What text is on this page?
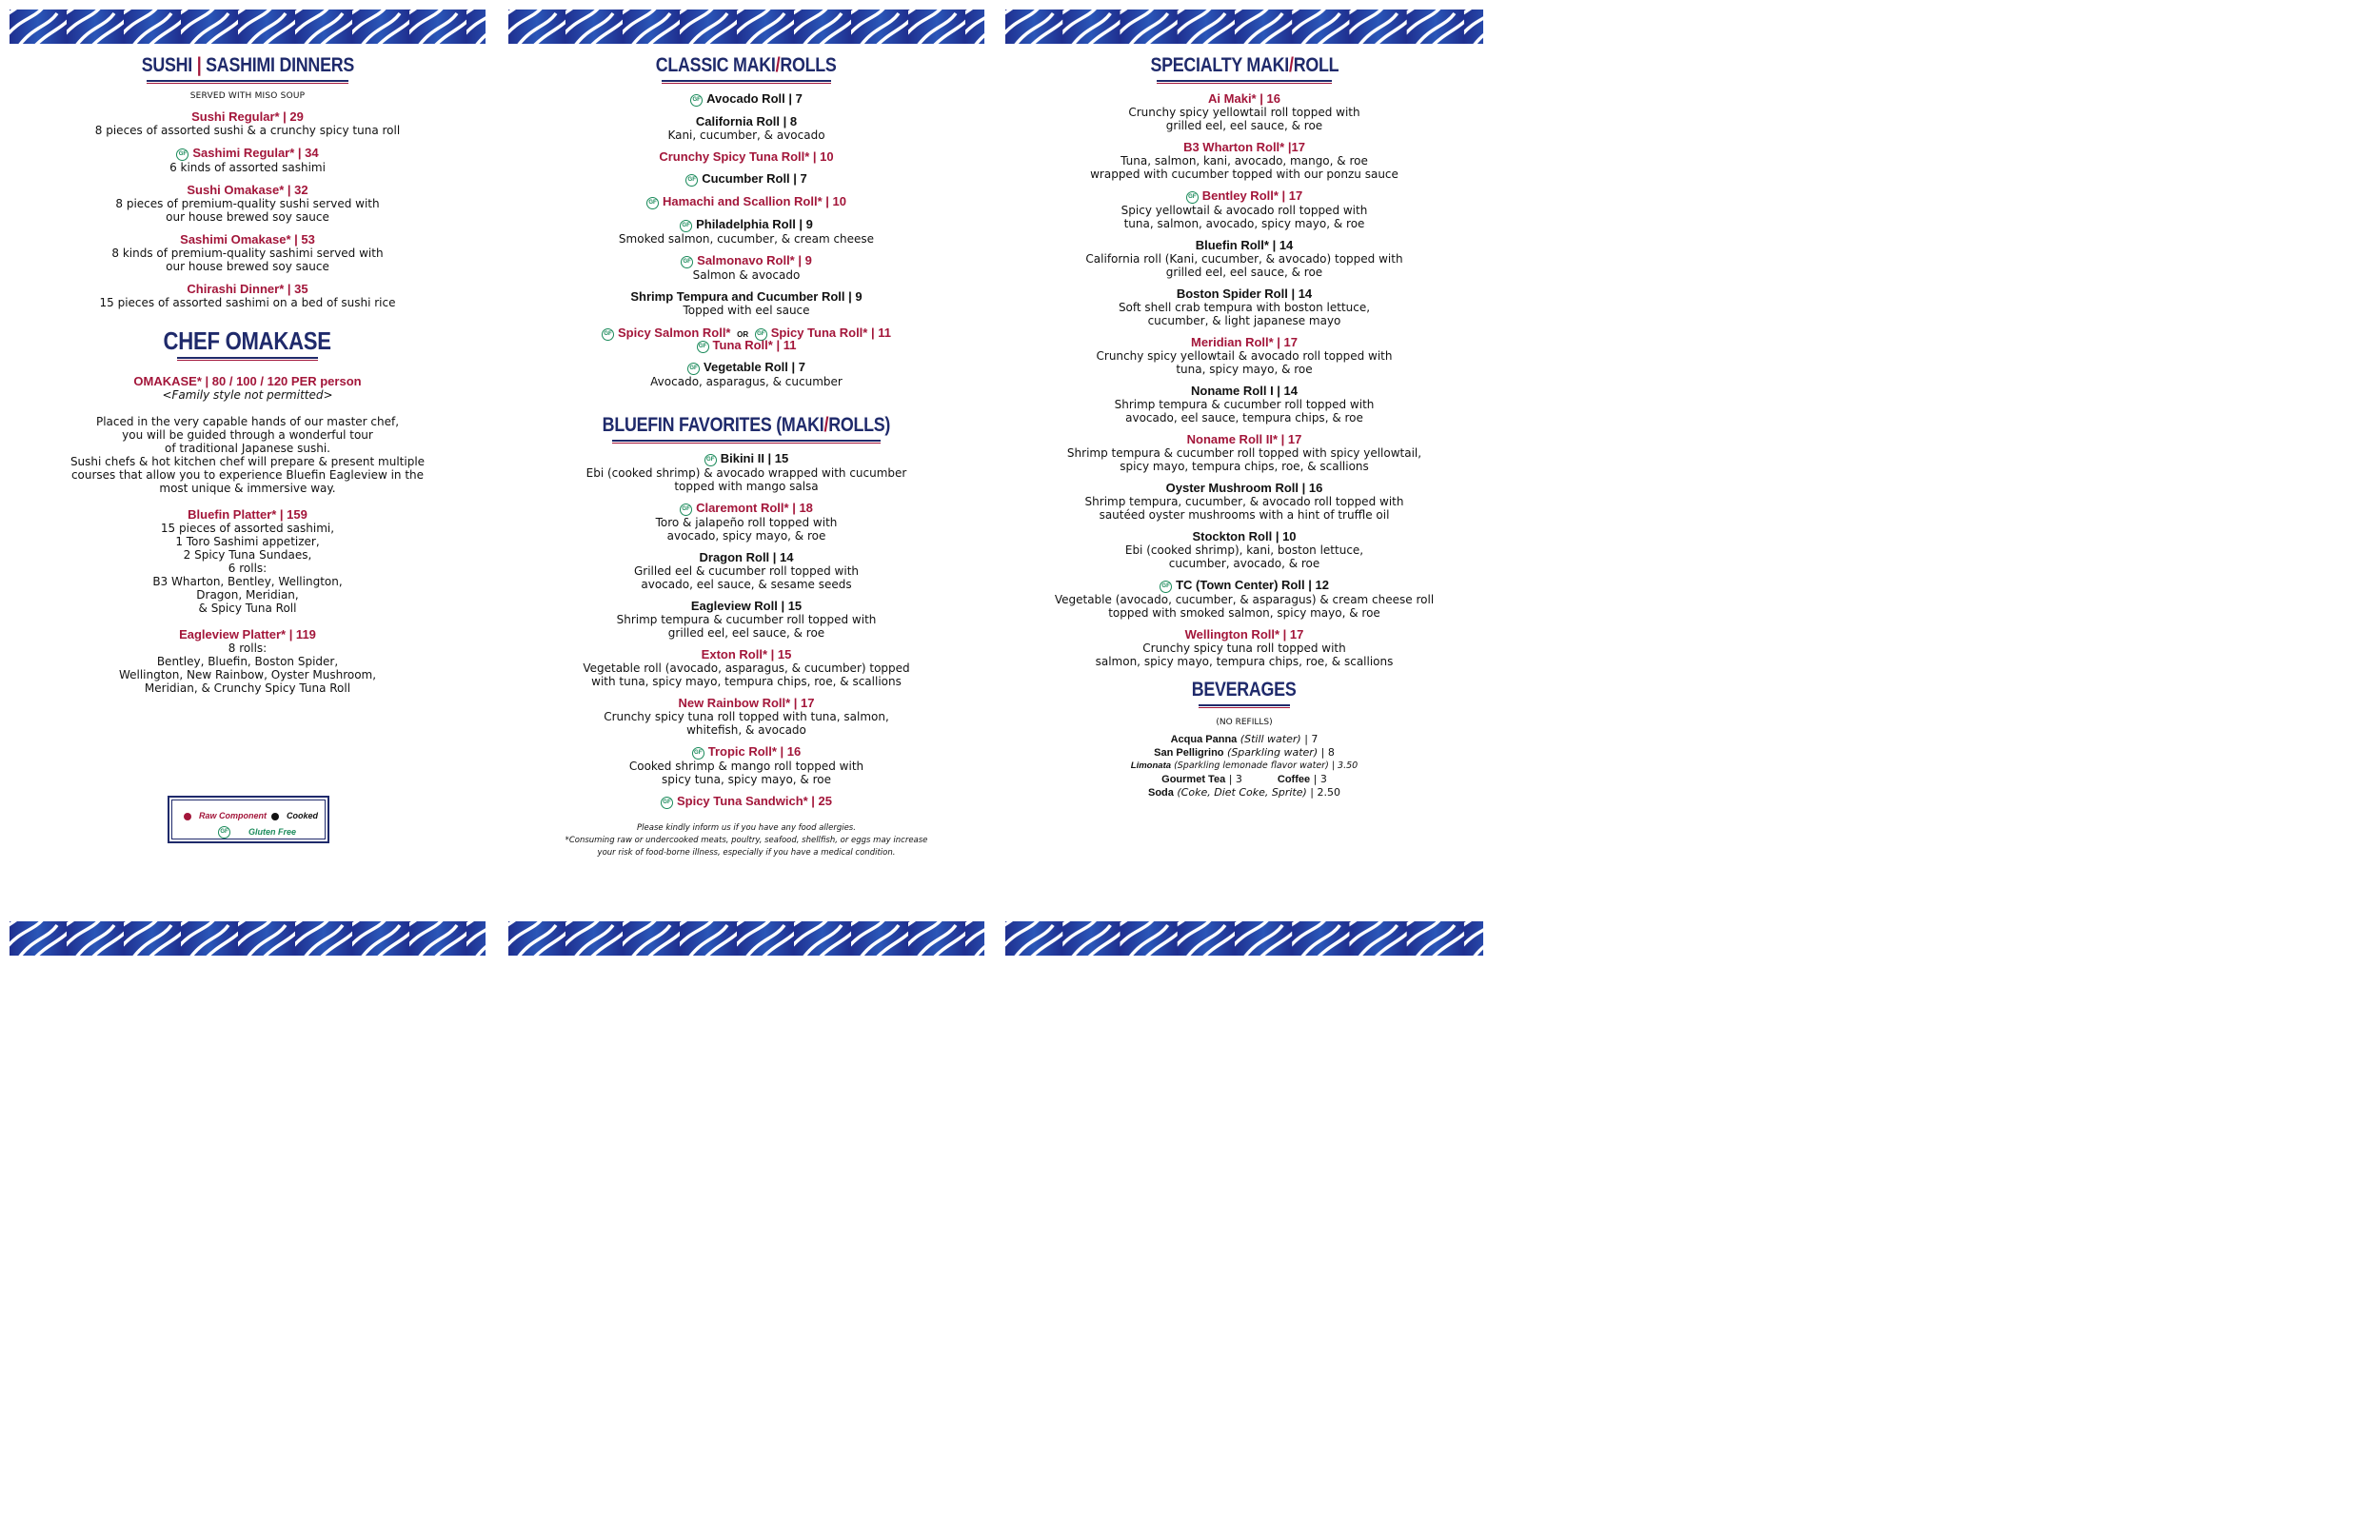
SUSHI | SASHIMI DINNERS
SERVED WITH MISO SOUP
Sushi Regular* | 29
8 pieces of assorted sushi & a crunchy spicy tuna roll
GF Sashimi Regular* | 34
6 kinds of assorted sashimi
Sushi Omakase* | 32
8 pieces of premium-quality sushi served with
our house brewed soy sauce
Sashimi Omakase* | 53
8 kinds of premium-quality sashimi served with
our house brewed soy sauce
Chirashi Dinner* | 35
15 pieces of assorted sashimi on a bed of sushi rice
CHEF OMAKASE
OMAKASE* | 80 / 100 / 120 PER person
<Family style not permitted>
Placed in the very capable hands of our master chef,
you will be guided through a wonderful tour
of traditional Japanese sushi.
Sushi chefs & hot kitchen chef will prepare & present multiple
courses that allow you to experience Bluefin Eagleview in the
most unique & immersive way.
Bluefin Platter* | 159
15 pieces of assorted sashimi,
1 Toro Sashimi appetizer,
2 Spicy Tuna Sundaes,
6 rolls:
B3 Wharton, Bentley, Wellington,
Dragon, Meridian,
& Spicy Tuna Roll
Eagleview Platter* | 119
8 rolls:
Bentley, Bluefin, Boston Spider,
Wellington, New Rainbow, Oyster Mushroom,
Meridian, & Crunchy Spicy Tuna Roll
Raw Component Cooked
GF Gluten Free
CLASSIC MAKI/ROLLS
GF Avocado Roll | 7
California Roll | 8
Kani, cucumber, & avocado
Crunchy Spicy Tuna Roll* | 10
GF Cucumber Roll | 7
GF Hamachi and Scallion Roll* | 10
GF Philadelphia Roll | 9
Smoked salmon, cucumber, & cream cheese
GF Salmonavo Roll* | 9
Salmon & avocado
Shrimp Tempura and Cucumber Roll | 9
Topped with eel sauce
GF Spicy Salmon Roll* OR GF Spicy Tuna Roll* | 11
GF Tuna Roll* | 11
GF Vegetable Roll | 7
Avocado, asparagus, & cucumber
BLUEFIN FAVORITES (MAKI/ROLLS)
GF Bikini II | 15
Ebi (cooked shrimp) & avocado wrapped with cucumber
topped with mango salsa
GF Claremont Roll* | 18
Toro & jalapeño roll topped with
avocado, spicy mayo, & roe
Dragon Roll | 14
Grilled eel & cucumber roll topped with
avocado, eel sauce, & sesame seeds
Eagleview Roll | 15
Shrimp tempura & cucumber roll topped with
grilled eel, eel sauce, & roe
Exton Roll* | 15
Vegetable roll (avocado, asparagus, & cucumber) topped
with tuna, spicy mayo, tempura chips, roe, & scallions
New Rainbow Roll* | 17
Crunchy spicy tuna roll topped with tuna, salmon,
whitefish, & avocado
GF Tropic Roll* | 16
Cooked shrimp & mango roll topped with
spicy tuna, spicy mayo, & roe
GF Spicy Tuna Sandwich* | 25
Please kindly inform us if you have any food allergies.
*Consuming raw or undercooked meats, poultry, seafood, shellfish, or eggs may increase
your risk of food-borne illness, especially if you have a medical condition.
SPECIALTY MAKI/ROLL
Ai Maki* | 16
Crunchy spicy yellowtail roll topped with
grilled eel, eel sauce, & roe
B3 Wharton Roll* |17
Tuna, salmon, kani, avocado, mango, & roe
wrapped with cucumber topped with our ponzu sauce
GF Bentley Roll* | 17
Spicy yellowtail & avocado roll topped with
tuna, salmon, avocado, spicy mayo, & roe
Bluefin Roll* | 14
California roll (Kani, cucumber, & avocado) topped with
grilled eel, eel sauce, & roe
Boston Spider Roll | 14
Soft shell crab tempura with boston lettuce,
cucumber, & light japanese mayo
Meridian Roll* | 17
Crunchy spicy yellowtail & avocado roll topped with
tuna, spicy mayo, & roe
Noname Roll I | 14
Shrimp tempura & cucumber roll topped with
avocado, eel sauce, tempura chips, & roe
Noname Roll II* | 17
Shrimp tempura & cucumber roll topped with spicy yellowtail,
spicy mayo, tempura chips, roe, & scallions
Oyster Mushroom Roll | 16
Shrimp tempura, cucumber, & avocado roll topped with
sautéed oyster mushrooms with a hint of truffle oil
Stockton Roll | 10
Ebi (cooked shrimp), kani, boston lettuce,
cucumber, avocado, & roe
GF TC (Town Center) Roll | 12
Vegetable (avocado, cucumber, & asparagus) & cream cheese roll
topped with smoked salmon, spicy mayo, & roe
Wellington Roll* | 17
Crunchy spicy tuna roll topped with
salmon, spicy mayo, tempura chips, roe, & scallions
BEVERAGES
(NO REFILLS)
Acqua Panna (Still water) | 7
San Pelligrino (Sparkling water) | 8
Limonata (Sparkling lemonade flavor water) | 3.50
Gourmet Tea | 3	Coffee | 3
Soda (Coke, Diet Coke, Sprite) | 2.50
